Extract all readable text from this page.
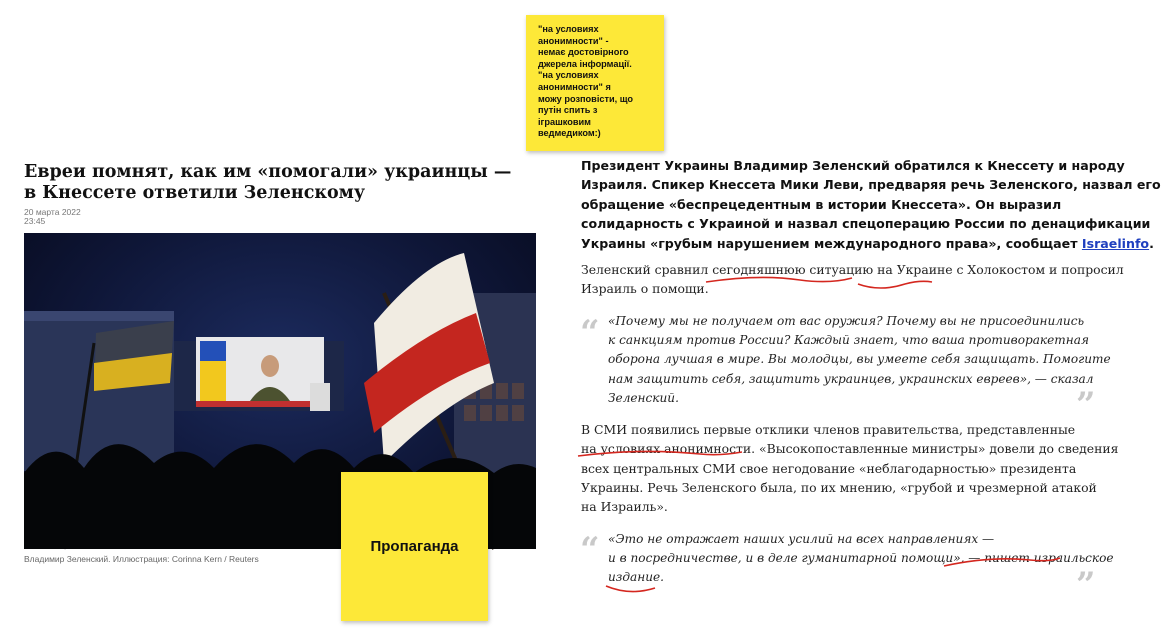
"на условиях
анонимности" -
немає достовірного
джерела інформації.
"на условиях
анонимности" я
можу розповісти, що
путін спить з
іграшковим
ведмедиком:)
Евреи помнят, как им «помогали» украинцы —
в Кнессете ответили Зеленскому
20 марта 2022
23:45
Владимир Зеленский. Иллюстрация: Corinna Kern / Reuters
Пропаганда
Президент Украины Владимир Зеленский обратился к Кнессету и народу
Израиля. Спикер Кнессета Мики Леви, предваряя речь Зеленского, назвал его
обращение «беспрецедентным в истории Кнессета». Он выразил
солидарность с Украиной и назвал спецоперацию России по денацификации
Украины «грубым нарушением международного права», сообщает Israelinfo.
Зеленский сравнил сегодняшнюю ситуацию на Украине с Холокостом и попросил
Израиль о помощи.
“ «Почему мы не получаем от вас оружия? Почему вы не присоединились
к санкциям против России? Каждый знает, что ваша противоракетная
оборона лучшая в мире. Вы молодцы, вы умеете себя защищать. Помогите
нам защитить себя, защитить украинцев, украинских евреев», — сказал
Зеленский.	”
В СМИ появились первые отклики членов правительства, представленные
на условиях анонимности. «Высокопоставленные министры» довели до сведения
всех центральных СМИ свое негодование «неблагодарностью» президента
Украины. Речь Зеленского была, по их мнению, «грубой и чрезмерной атакой
на Израиль».
“ «Это не отражает наших усилий на всех направлениях —
и в посредничестве, и в деле гуманитарной помощи», — пишет израильское
издание.	”
